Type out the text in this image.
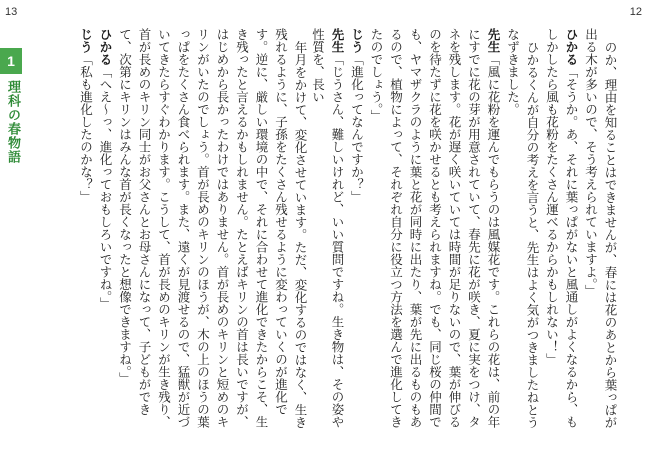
13	12
1
理科の春物語	のか、理由を知ることはできませんが、春には花のあとから葉っぱが出る木が多いので、そう考えられていますよ。」

ひかる「そうか。あ、それに葉っぱがないと風通しがよくなるから、もしかしたら風も花粉をたくさん運べるからかもしれない！」

ひかるくんが自分の考えを言うと、先生はよく気がつきましたねとうなずきました。

先生「風に花粉を運んでもらうのは風媒花です。これらの花は、前の年にすでに花の芽が用意されていて、春先に花が咲き、夏に実をつけ、タネを残します。花が遅く咲いていては時間が足りないので、葉が伸びるのを待たずに花を咲かせるとも考えられますね。でも、同じ桜の仲間でも、ヤマザクラのように葉と花が同時に出たり、葉が先に出るものもあるので、植物によって、それぞれ自分に役立つ方法を選んで進化してきたのでしょう。」

じう「進化ってなんですか？」

先生「じうさん、難しいけれど、いい質問ですね。生き物は、その姿や性質を、長い

年月をかけて、変化させています。ただ、変化するのではなく、生き残れるように、子孫をたくさん残せるように変わっていくのが進化です。逆に、厳しい環境の中で、それに合わせて進化できたからこそ、生き残ったと言えるかもしれません。たとえばキリンの首は長いですが、はじめから長かったわけではありません。首が長めのキリンと短めのキリンがいたのでしょう。首が長めのキリンのほうが、木の上のほうの葉っぱをたくさん食べられます。また、遠くが見渡せるので、猛獣が近づいてきたらすぐわかります。こうして、首が長めのキリンが生き残り、首が長めのキリン同士がお父さんとお母さんになって、子どもができて、次第にキリンはみんな首が長くなったと想像できますね。」

ひかる「へえ〜っ、進化っておもしろいですね。」

じう「私も進化したのかな？」
